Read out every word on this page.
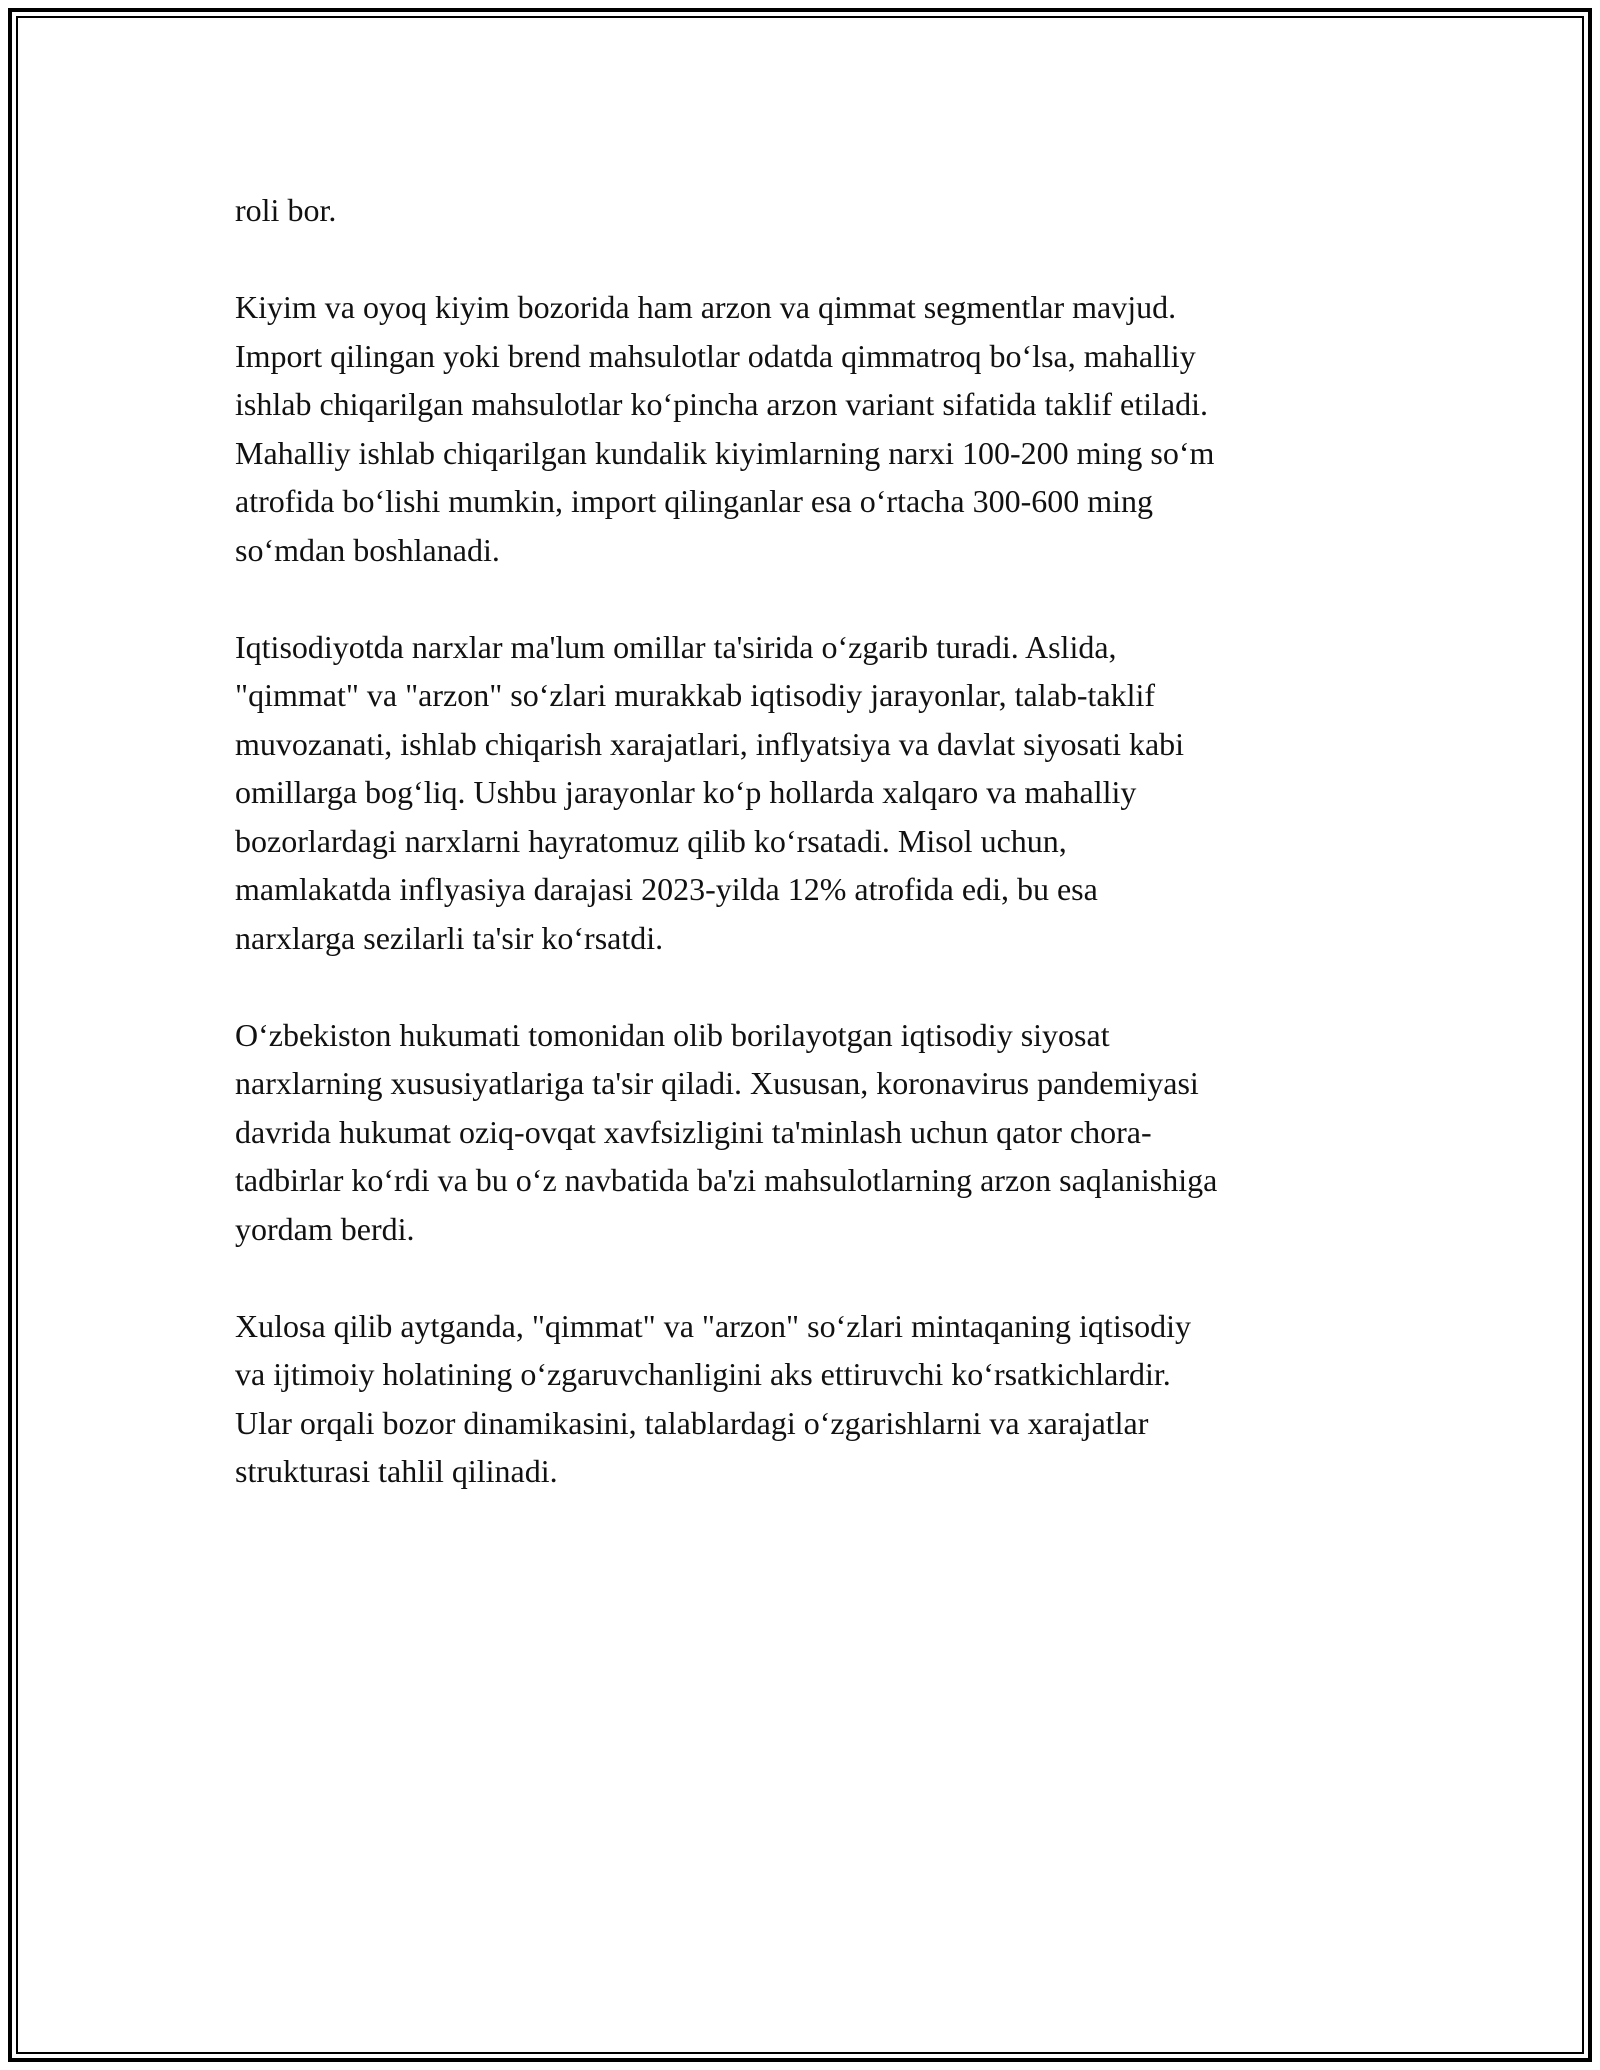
roli bor.

Kiyim va oyoq kiyim bozorida ham arzon va qimmat segmentlar mavjud.
Import qilingan yoki brend mahsulotlar odatda qimmatroq bo‘lsa, mahalliy
ishlab chiqarilgan mahsulotlar ko‘pincha arzon variant sifatida taklif etiladi.
Mahalliy ishlab chiqarilgan kundalik kiyimlarning narxi 100-200 ming so‘m
atrofida bo‘lishi mumkin, import qilinganlar esa o‘rtacha 300-600 ming
so‘mdan boshlanadi.

Iqtisodiyotda narxlar ma'lum omillar ta'sirida o‘zgarib turadi. Aslida,
"qimmat" va "arzon" so‘zlari murakkab iqtisodiy jarayonlar, talab-taklif
muvozanati, ishlab chiqarish xarajatlari, inflyatsiya va davlat siyosati kabi
omillarga bog‘liq. Ushbu jarayonlar ko‘p hollarda xalqaro va mahalliy
bozorlardagi narxlarni hayratomuz qilib ko‘rsatadi. Misol uchun,
mamlakatda inflyasiya darajasi 2023-yilda 12% atrofida edi, bu esa
narxlarga sezilarli ta'sir ko‘rsatdi.

O‘zbekiston hukumati tomonidan olib borilayotgan iqtisodiy siyosat
narxlarning xususiyatlariga ta'sir qiladi. Xususan, koronavirus pandemiyasi
davrida hukumat oziq-ovqat xavfsizligini ta'minlash uchun qator chora-
tadbirlar ko‘rdi va bu o‘z navbatida ba'zi mahsulotlarning arzon saqlanishiga
yordam berdi.

Xulosa qilib aytganda, "qimmat" va "arzon" so‘zlari mintaqaning iqtisodiy
va ijtimoiy holatining o‘zgaruvchanligini aks ettiruvchi ko‘rsatkichlardir.
Ular orqali bozor dinamikasini, talablardagi o‘zgarishlarni va xarajatlar
strukturasi tahlil qilinadi.
